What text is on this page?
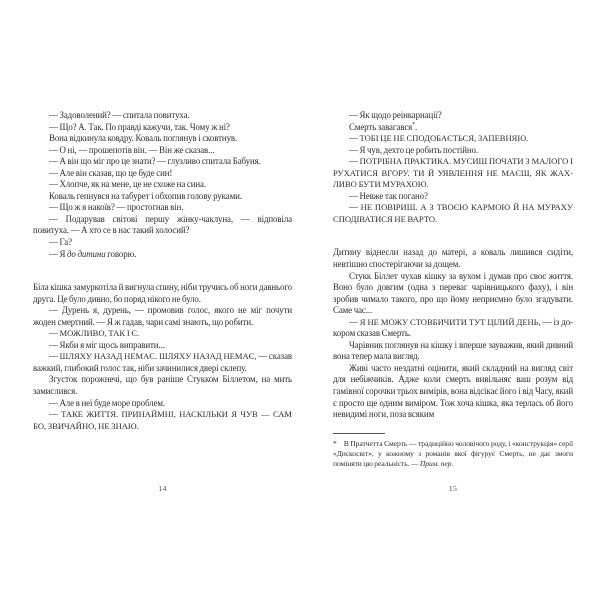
— Задоволений? — спитала повитуха.

— Що? А. Так. По правді кажучи, так. Чому ж ні?

Вона відкинула ковдру. Коваль поглянув і сковтнув.

— О ні, — прошепотів він. — Він же сказав...

— А він що міг про це знати? — глузливо спитала Бабуня.

— Але він сказав, що це буде син!

— Хлопче, як на мене, це не схоже на сина.

Коваль гепнувся на табурет і обхопив голову руками.

— Що ж я накоїв? — простогнав він.

— Подарував світові першу жінку-чаклуна, — відповіла повитуха. — А хто се в нас такий холосий?

— Га?

— Я до дитини говорю.

Біла кішка замуркотіла й вигнула спину, ніби тручись об ноги давнього друга. Це було дивно, бо поряд нікого не було.

— Дурень я, дурень, — промовив голос, якого не міг почути жоден смертний. — Я ж гадав, чари самі знають, що робити.

— МОЖЛИВО, ТАК І Є.

— Якби я міг щось виправити...

— ШЛЯХУ НАЗАД НЕМАЄ. ШЛЯХУ НАЗАД НЕМАЄ, — сказав важкий, глибокий голос так, ніби зачинилися двері склепу.

Згусток порожнечі, що був раніше Стукком Біллетом, на мить замислився.

— Але в неї буде море проблем.

— ТАКЕ ЖИТТЯ. ПРИНАЙМНІ, НАСКІЛЬКИ Я ЧУВ — САМ БО, ЗВИЧАЙНО, НЕ ЗНАЮ.

14

— Як щодо реінкарнації?

Смерть завагався*.

— ТОБІ ЦЕ НЕ СПОДОБАЄТЬСЯ, ЗАПЕВНЯЮ.

— Я чув, дехто це робить постійно.

— ПОТРІБНА ПРАКТИКА. МУСИШ ПОЧАТИ З МАЛОГО І РУХАТИСЯ ВГОРУ. ТИ Й УЯВЛЕННЯ НЕ МАЄШ, ЯК ЖАХЛИВО БУТИ МУРАХОЮ.

— Невже так погано?

— НЕ ПОВІРИШ. А З ТВОЄЮ КАРМОЮ Й НА МУРАХУ СПОДІВАТИСЯ НЕ ВАРТО.

Дитину віднесли назад до матері, а коваль лишився сидіти, невтішно спостерігаючи за дощем.

Стукк Біллет чухав кішку за вухом і думав про своє життя. Воно було довгим (одна з переваг чарівницького фаху), і він зробив чимало такого, про що йому неприємно було згадувати. Саме час...

— Я НЕ МОЖУ СТОВБИЧИТИ ТУТ ЦІЛИЙ ДЕНЬ, — із докором сказав Смерть.

Чарівник поглянув на кішку і вперше зауважив, який дивний вона тепер мала вигляд.

Живі часто нездатні оцінити, який складний на вигляд світ для небіжчиків. Адже коли смерть вивільняє ваш розум від гамівної сорочки трьох вимірів, вона відсікає його і від Часу, який є просто ще одним виміром. Тож хоча кішка, яка терлась об його невидимі ноги, поза всяким

* В Пратчетта Смерть — традиційно чоловічого роду, і «конструкція» серії «Дискосвіт», у кожному з романів якої фігурує Смерть, не дає змоги поміняти цю реальність. — Прим. пер.

15
